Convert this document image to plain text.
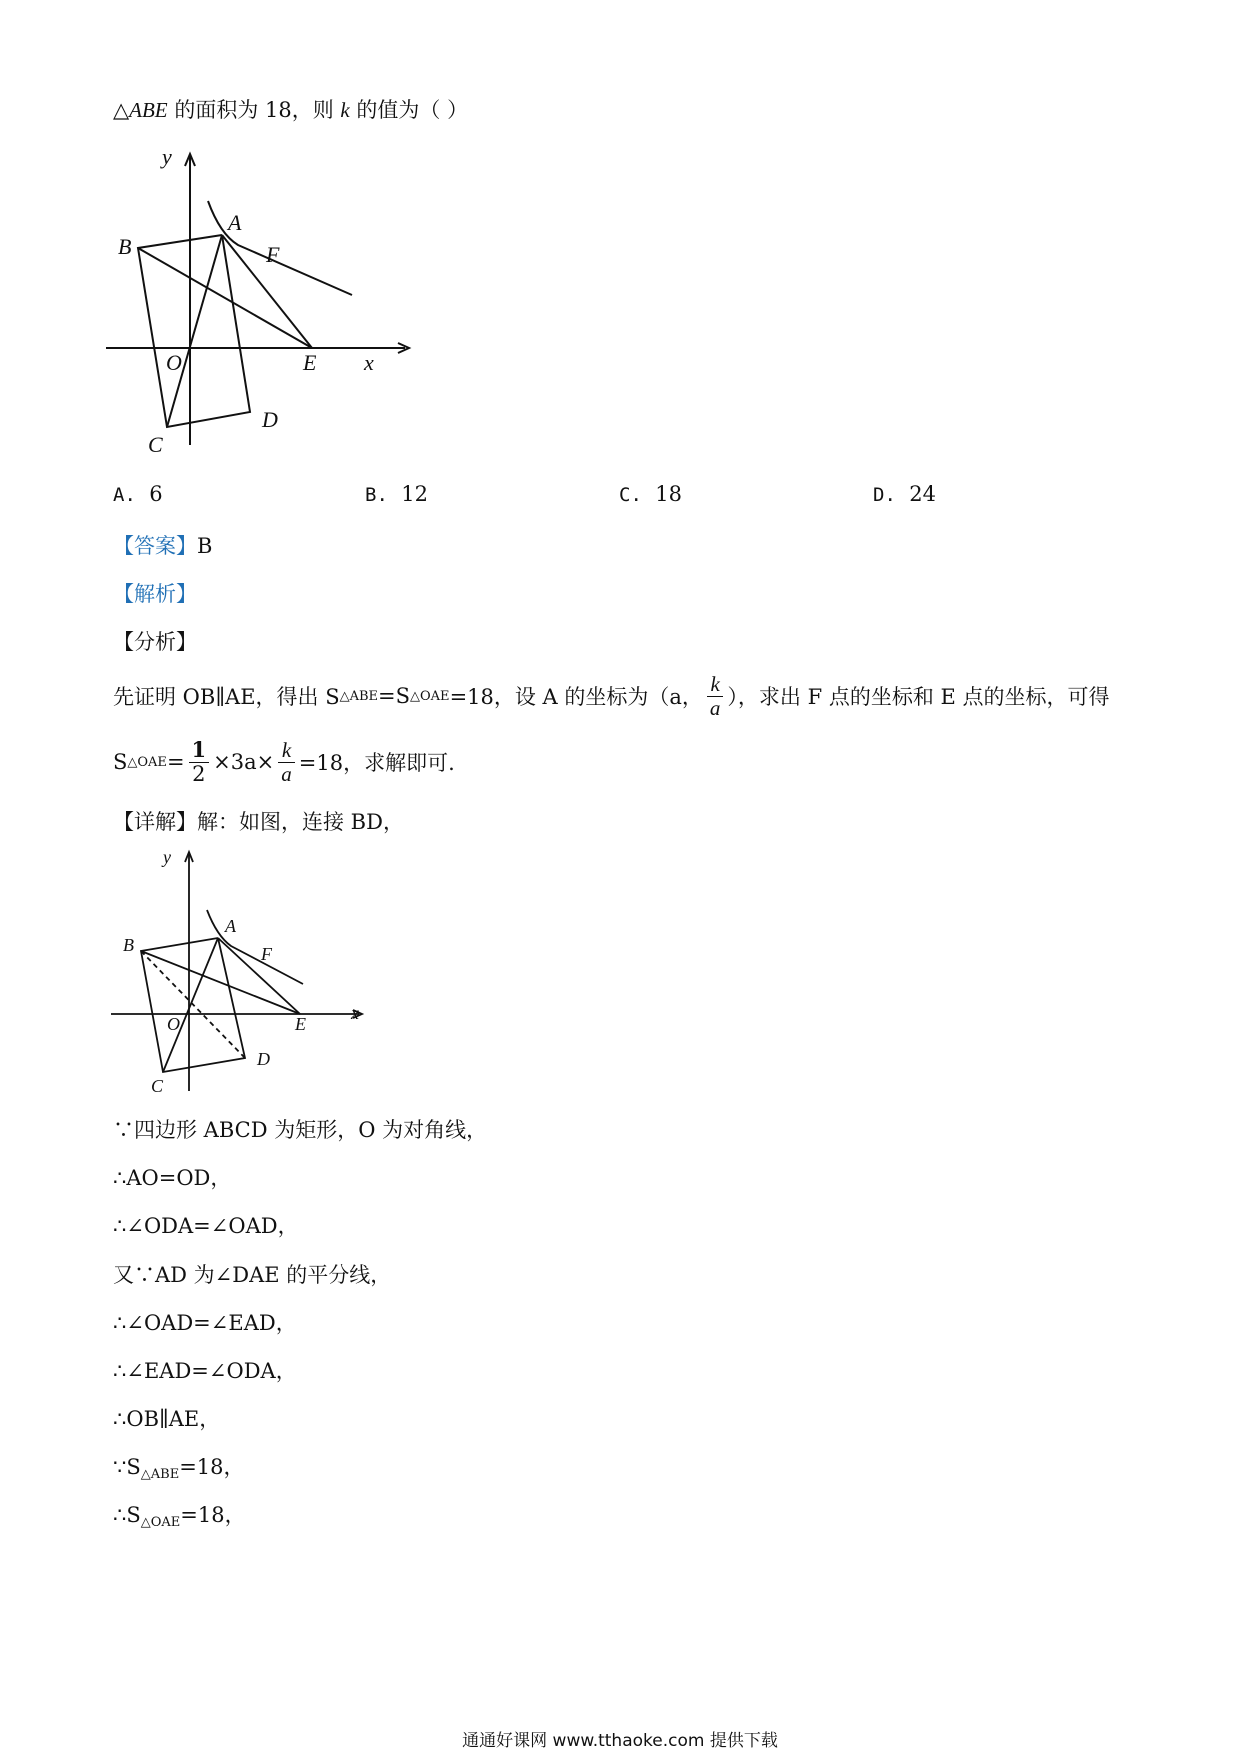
△ABE 的面积为 18，则 k 的值为（ ）
y
x
A
B
C
D
E
F
O
A. 6	B. 12	C. 18	D. 24
【答案】B
【解析】
【分析】
先证明 OB∥AE，得出 S △ABE =S △OAE =18，设 A 的坐标为（a， $\frac{k}{a}$ ），求出 F 点的坐标和 E 点的坐标，可得
S △OAE = $\frac{1}{2} \times 3a\times \frac{k}{a} =18$，求解即可.
【详解】解：如图，连接 BD，
y
x
A
B
C
D
E
F
O
∵四边形 ABCD 为矩形，O 为对角线，
∴AO=OD，
∴∠ODA=∠OAD，
又∵AD 为∠DAE 的平分线，
∴∠OAD=∠EAD，
∴∠EAD=∠ODA，
∴OB∥AE，
$\because S_{\triangle ABE}=18$，
$\therefore S_{\triangle OAE}=18$，
通通好课网 www.tthaoke.com 提供下载
